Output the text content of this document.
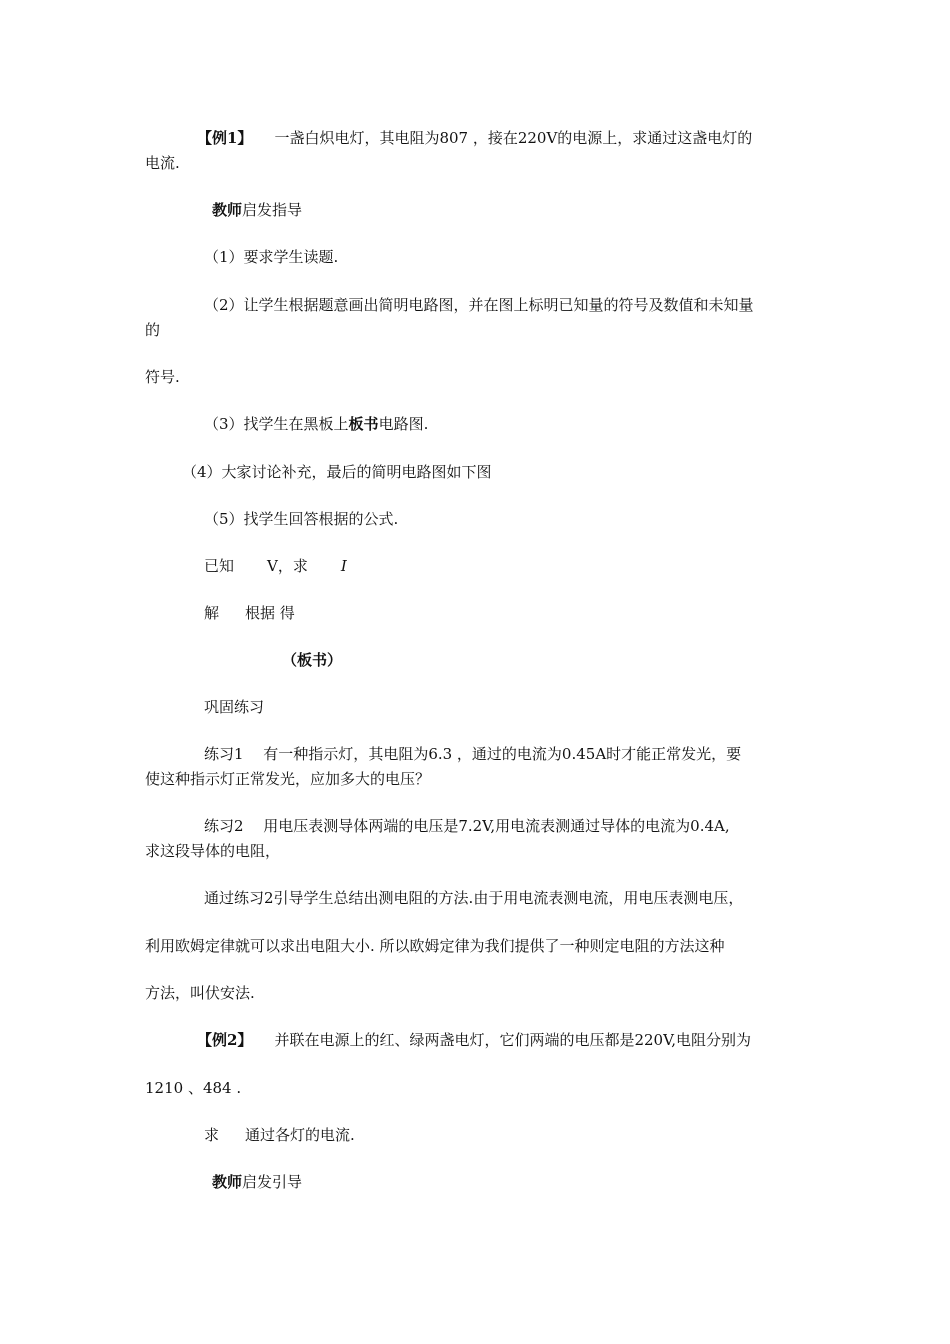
【例1】 一盏白炽电灯，其电阻为807 ，接在220V的电源上，求通过这盏电灯的
电流.
教师启发指导
（1）要求学生读题.
（2）让学生根据题意画出简明电路图，并在图上标明已知量的符号及数值和未知量
的
符号.
（3）找学生在黑板上板书电路图.
（4）大家讨论补充，最后的简明电路图如下图
（5）找学生回答根据的公式.
已知 V，求 I
解 根据 得
（板书）
巩固练习
练习1　 有一种指示灯，其电阻为6.3 ，通过的电流为0.45A时才能正常发光，要
使这种指示灯正常发光，应加多大的电压？
练习2　 用电压表测导体两端的电压是7.2V,用电流表测通过导体的电流为0.4A,
求这段导体的电阻，
通过练习2引导学生总结出测电阻的方法.由于用电流表测电流，用电压表测电压，
利用欧姆定律就可以求出电阻大小. 所以欧姆定律为我们提供了一种则定电阻的方法这种
方法，叫伏安法.
【例2】 并联在电源上的红、绿两盏电灯，它们两端的电压都是220V,电阻分别为
1210 、484 .
求 通过各灯的电流.
教师启发引导
